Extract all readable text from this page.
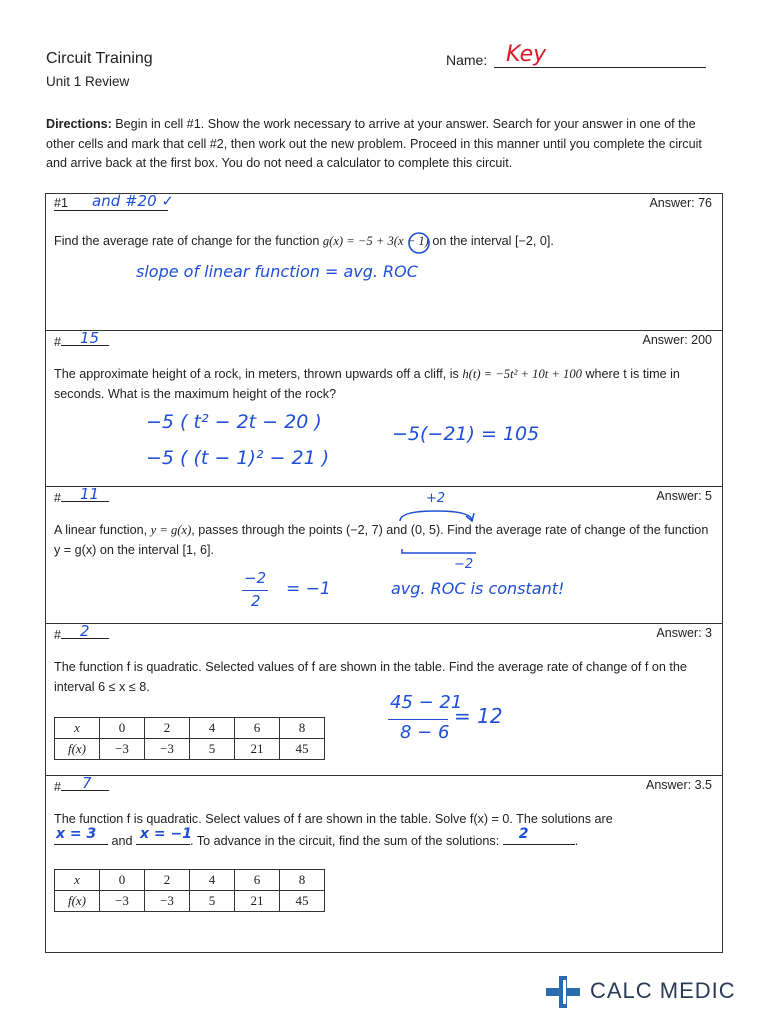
Circuit Training
Unit 1 Review
Name: Key
Directions: Begin in cell #1. Show the work necessary to arrive at your answer. Search for your answer in one of the other cells and mark that cell #2, then work out the new problem. Proceed in this manner until you complete the circuit and arrive back at the first box. You do not need a calculator to complete this circuit.
#1 and #20 ✓	Answer: 76
Find the average rate of change for the function g(x) = −5 + 3(x − 1) on the interval [−2, 0].
slope of linear function = avg. ROC
# 15	Answer: 200
The approximate height of a rock, in meters, thrown upwards off a cliff, is h(t) = −5t² + 10t + 100 where t is time in seconds. What is the maximum height of the rock?
−5 ( t² − 2t − 20 )
−5 ( (t − 1)² − 21 )
−5(−21) = 105
# 11	Answer: 5
+2
A linear function, y = g(x), passes through the points (−2, 7) and (0, 5). Find the average rate of change of the function y = g(x) on the interval [1, 6].
−2
−2
2
= −1	avg. ROC is constant!
# 2	Answer: 3
The function f is quadratic. Selected values of f are shown in the table. Find the average rate of change of f on the interval 6 ≤ x ≤ 8.
x	0	2	4	6	8
f(x)	−3	−3	5	21	45
45 − 21
8 − 6
= 12
# 7	Answer: 3.5
The function f is quadratic. Select values of f are shown in the table. Solve f(x) = 0. The solutions are
x = 3 and x = −1
. To advance in the circuit, find the sum of the solutions: 2	.
x	0	2	4	6	8
f(x)	−3	−3	5	21	45
CALC MEDIC
